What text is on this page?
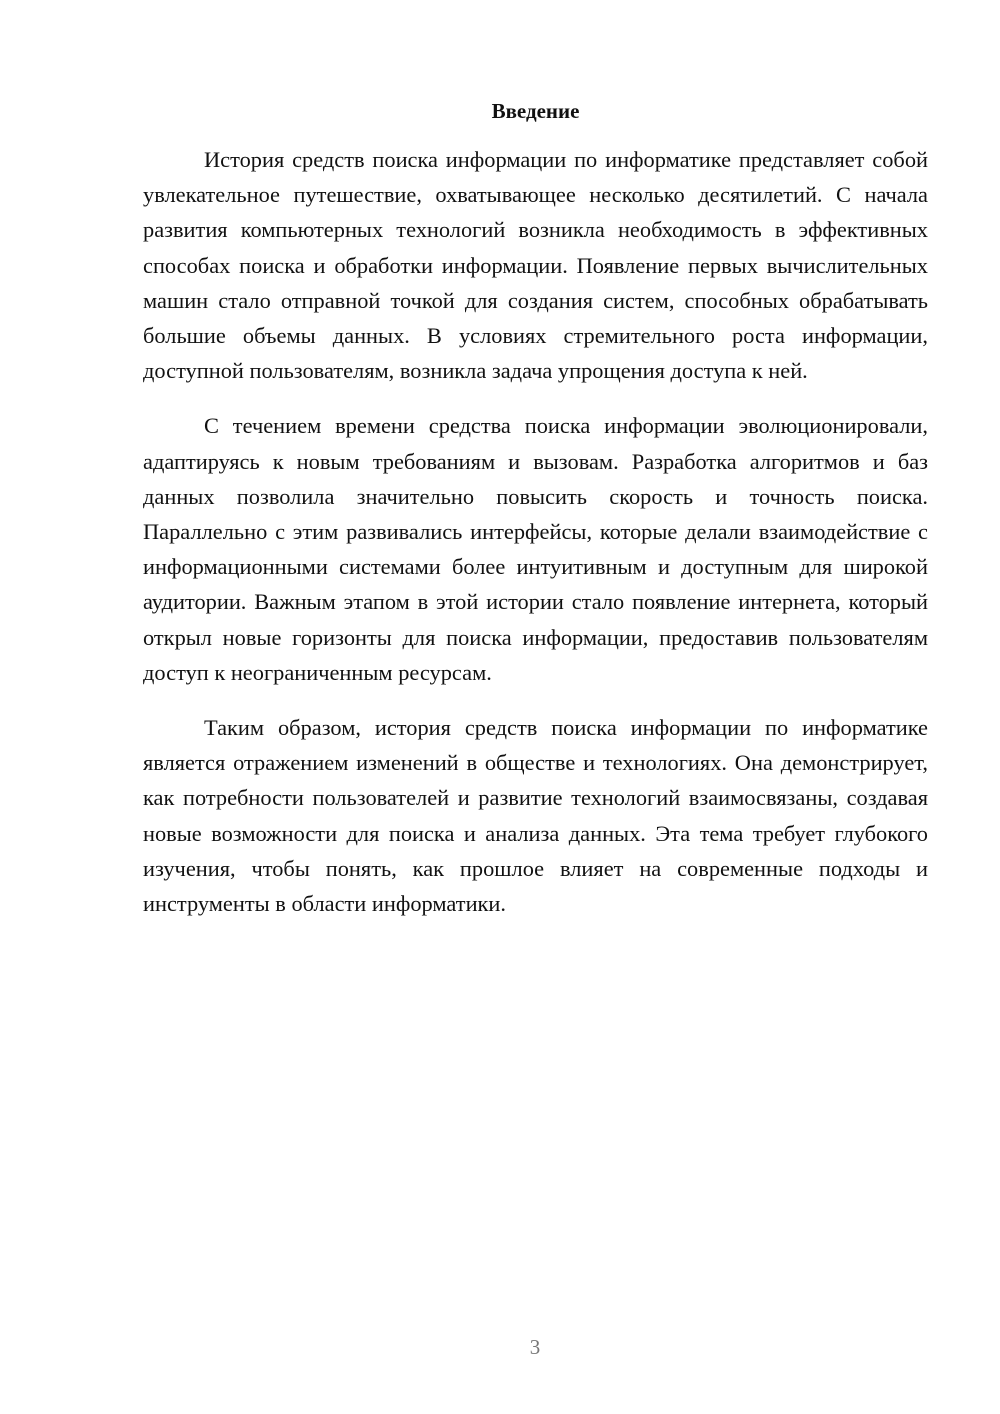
Введение

История средств поиска информации по информатике представляет собой увлекательное путешествие, охватывающее несколько десятилетий. С начала развития компьютерных технологий возникла необходимость в эффективных способах поиска и обработки информации. Появление первых вычислительных машин стало отправной точкой для создания систем, способных обрабатывать большие объемы данных. В условиях стремительного роста информации, доступной пользователям, возникла задача упрощения доступа к ней.

С течением времени средства поиска информации эволюционировали, адаптируясь к новым требованиям и вызовам. Разработка алгоритмов и баз данных позволила значительно повысить скорость и точность поиска. Параллельно с этим развивались интерфейсы, которые делали взаимодействие с информационными системами более интуитивным и доступным для широкой аудитории. Важным этапом в этой истории стало появление интернета, который открыл новые горизонты для поиска информации, предоставив пользователям доступ к неограниченным ресурсам.

Таким образом, история средств поиска информации по информатике является отражением изменений в обществе и технологиях. Она демонстрирует, как потребности пользователей и развитие технологий взаимосвязаны, создавая новые возможности для поиска и анализа данных. Эта тема требует глубокого изучения, чтобы понять, как прошлое влияет на современные подходы и инструменты в области информатики.

3
